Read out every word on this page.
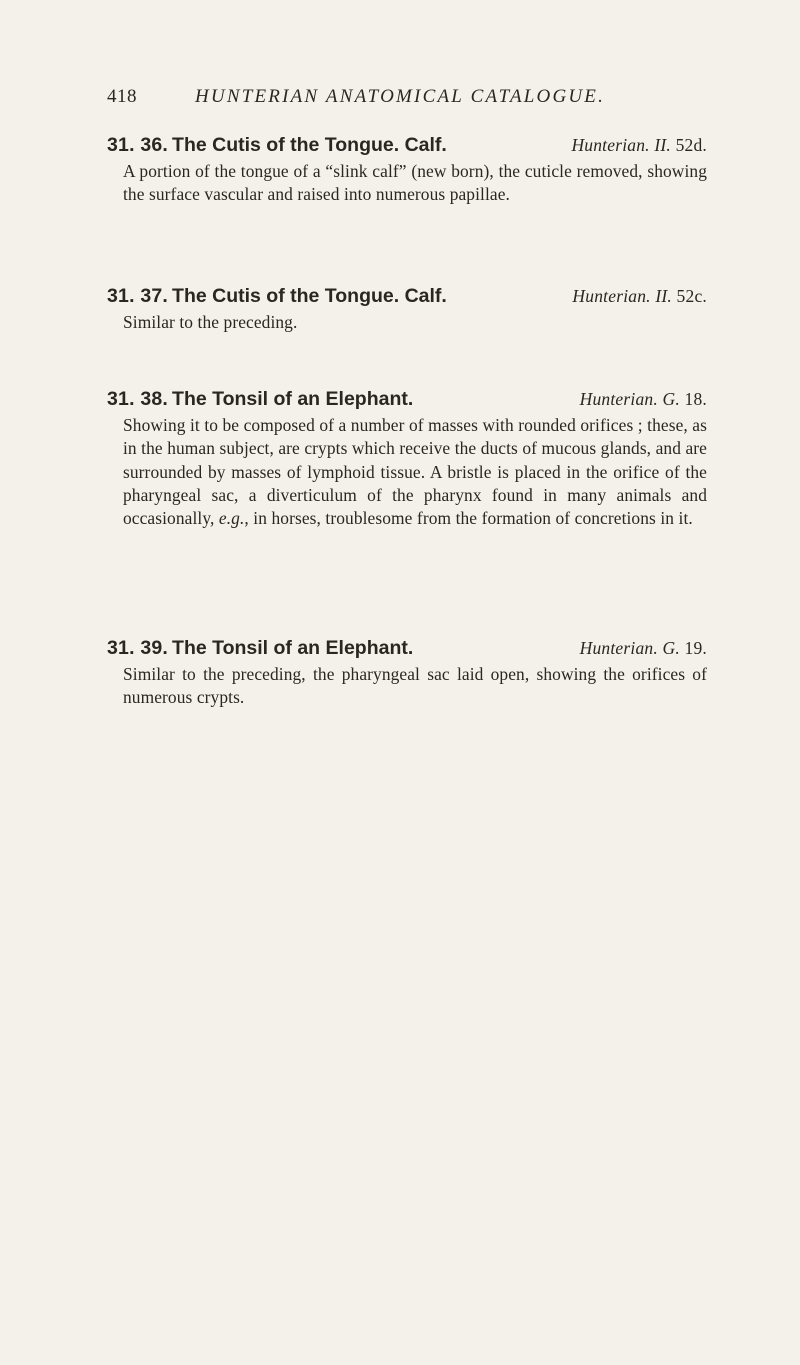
418	HUNTERIAN ANATOMICAL CATALOGUE.
31. 36. The Cutis of the Tongue. Calf.	Hunterian. II. 52d.

A portion of the tongue of a “slink calf” (new born), the cuticle removed, showing the surface vascular and raised into numerous papillae.

31. 37. The Cutis of the Tongue. Calf.	Hunterian. II. 52c.

Similar to the preceding.

31. 38. The Tonsil of an Elephant.	Hunterian. G. 18.

Showing it to be composed of a number of masses with rounded orifices ; these, as in the human subject, are crypts which receive the ducts of mucous glands, and are surrounded by masses of lymphoid tissue. A bristle is placed in the orifice of the pharyngeal sac, a diverticulum of the pharynx found in many animals and occasionally, e.g., in horses, troublesome from the formation of concretions in it.

31. 39. The Tonsil of an Elephant.	Hunterian. G. 19.

Similar to the preceding, the pharyngeal sac laid open, showing the orifices of numerous crypts.
